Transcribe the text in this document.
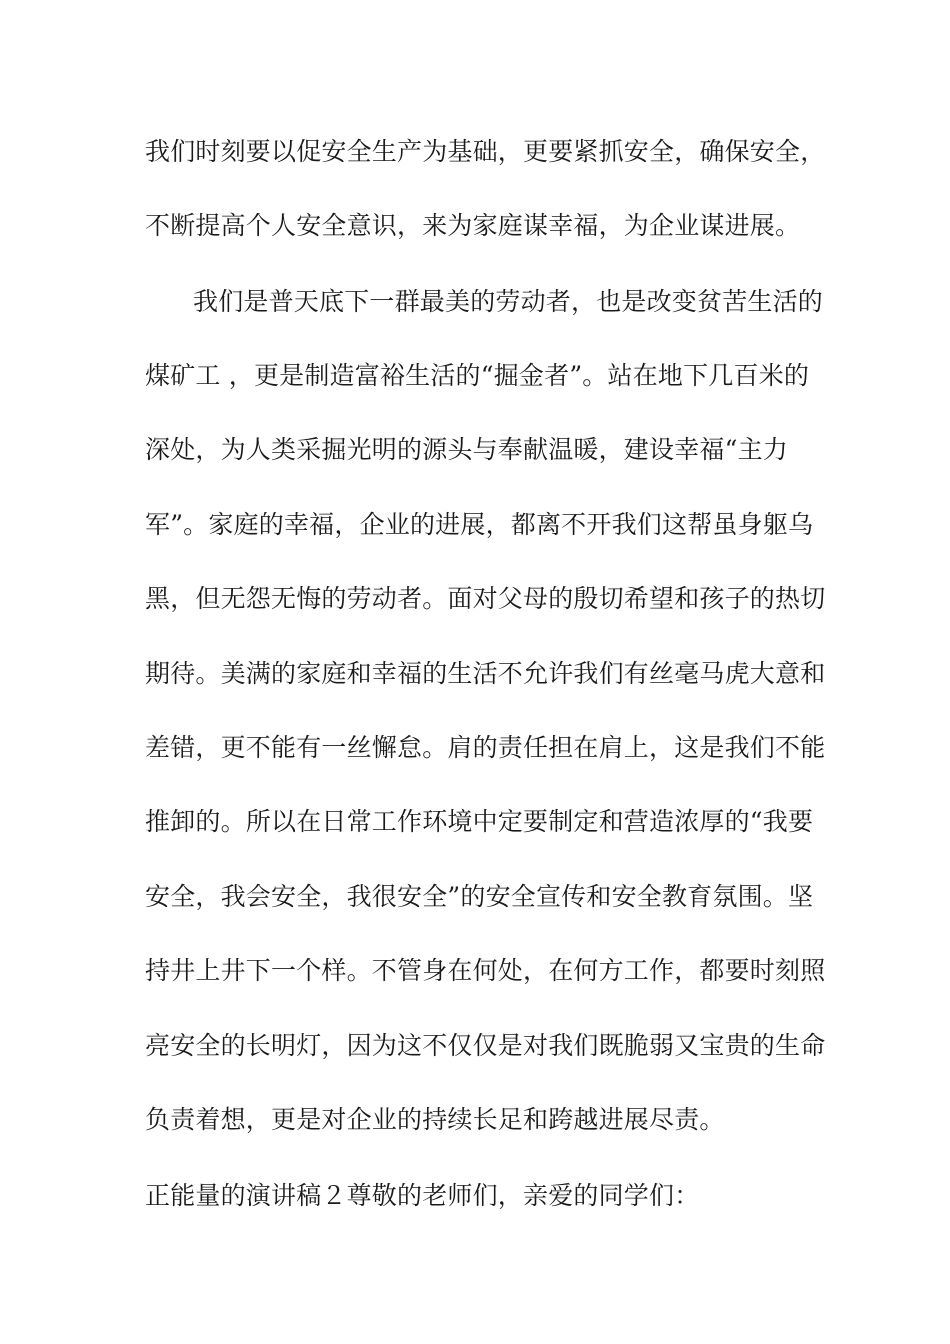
我们时刻要以促安全生产为基础，更要紧抓安全，确保安全，
不断提高个人安全意识，来为家庭谋幸福，为企业谋进展。
我们是普天底下一群最美的劳动者，也是改变贫苦生活的
煤矿工 ，更是制造富裕生活的“掘金者”。站在地下几百米的
深处，为人类采掘光明的源头与奉献温暖，建设幸福“主力
军”。家庭的幸福，企业的进展，都离不开我们这帮虽身躯乌
黑，但无怨无悔的劳动者。面对父母的殷切希望和孩子的热切
期待。美满的家庭和幸福的生活不允许我们有丝毫马虎大意和
差错，更不能有一丝懈怠。肩的责任担在肩上，这是我们不能
推卸的。所以在日常工作环境中定要制定和营造浓厚的“我要
安全，我会安全，我很安全”的安全宣传和安全教育氛围。坚
持井上井下一个样。不管身在何处，在何方工作，都要时刻照
亮安全的长明灯，因为这不仅仅是对我们既脆弱又宝贵的生命
负责着想，更是对企业的持续长足和跨越进展尽责。
正能量的演讲稿２尊敬的老师们，亲爱的同学们：
